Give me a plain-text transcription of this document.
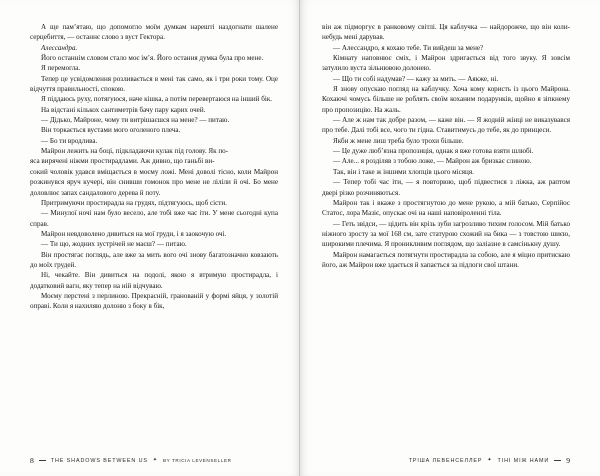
А ще пам’ятаю, що допомогло моїм думкам нарешті наздогнати шалене серцебиття, — останнє слово з вуст Гектора.

Алессандра.

Його останнім словом стало моє ім’я. Його остання думка була про мене.

Я перемогла.

Тепер це усвідомлення розливається в мені так само, як і три роки тому. Оце відчуття правильності, спокою.

Я піддаюсь руху, потягуюся, наче кішка, а потім перевертаюся на інший бік.

На відстані кількох сантиметрів бачу пару карих очей.

— Дідько, Майроне, чому ти витрішаєшся на мене? — питаю.

Він торкається вустами мого оголеного плеча.

— Бо ти вродлива.

Майрон лежить на боці, підкладаючи кулак під голову. Як по-

яса вирячені ніжми простирадлами. Аж дивно, що ганьбі ви-

сокий чоловік удався вміщається в моєму ложі. Мені доволі тісно, коли Майрон розкинувся яруч кучері, він снивши гомонок про мене не ліліли й очі. Бо мене доловлює запах сандалового дерева й поту.

Притримуючи простирадла на грудях, підтягуюсь, щоб сісти.

— Минулої ночі нам було весело, але тобі вже час іти. У мене сьогодні купа справ.

Майрон невдоволено дивиться на мої груди, і я заокочую очі.

— Ти що, жодних зустрічей не маєш? — питаю.

Він простягає поглядь, але вже за мить вого очі знову багатозначно ковзають до моїх грудей.

Ні, чекайте. Він дивиться на подолі, якою я втримую простирадла, і додатковий вагн, яку тепер на ній відчуваю.

Моєму перстені з перлиною. Прекрасній, гранованій у формі яйця, у золотій оправі. Коли я нахиляю долоню з боку в бік,

8	THE SHADOWS BETWEEN US ✦ BY TRICIA LEVENSELLER

він аж підморгує в ранковому світлі. Ця каблучка — найдорожче, що він коли-небудь мені дарував.

— Алессандро, я кохаю тебе. Ти вийдеш за мене?

Кімнату наповнює сміх, і Майрон здригається від того звуку. Я зовсім затулило вуста зільнювою долонею.

— Що ти собі надумав? — кажу за мить. — Аякже, ні.

Я знову опускаю погляд на каблучку. Хоча кому користь із цього Майрона. Кохаючі чомусь більше не роблять своїм коханим подарунків, щойно я зіпкнему про пропозицію. На жаль.

— Але ж нам так добре разом, — каже він. — Я жодній жінці не виказувався про тебе. Далі тобі все, чого ти гідна. Ставитимусь до тебе, як до принцеси.

Якби ж мене лиш треба було трохи більше.

— Це дуже люб’язна пропозиція, однак я вже готова взяти шлюбі.

— Але... я розділяв з тобою ложе, — Майрон аж бризкає слиною.

Так, він і таке ж іншими хлопців цього місяця.

— Тепер тобі час іти, — я повторюю, щоб підвестися з ліжка, аж раптом двері різко розчиняються.

Майрон так і вкаже з простягнутою до мене рукою, а мій батько, Серпійос Статос, лора Мазіє, опускає очі на наші наповіроленні тіла.

— Геть звідси, — цідить він крізь зуби загрозливо тихим голосом. Мій батько ніжного зросту за мої 168 см, зате статурою схожий на бика — з товстою шиєю, широкими плечима. Я проникливим поглядом, що заліазне в самсінькну душу.

Майрон намагається потягнути простирадла за собою, але я міцно притискаю його, аж Майрон вже здається й хапається за підлоги свої штани.

ТРІША ЛЕВЕНСЕЛЛЕР ✦ ТІНІ МІЖ НАМИ 9
